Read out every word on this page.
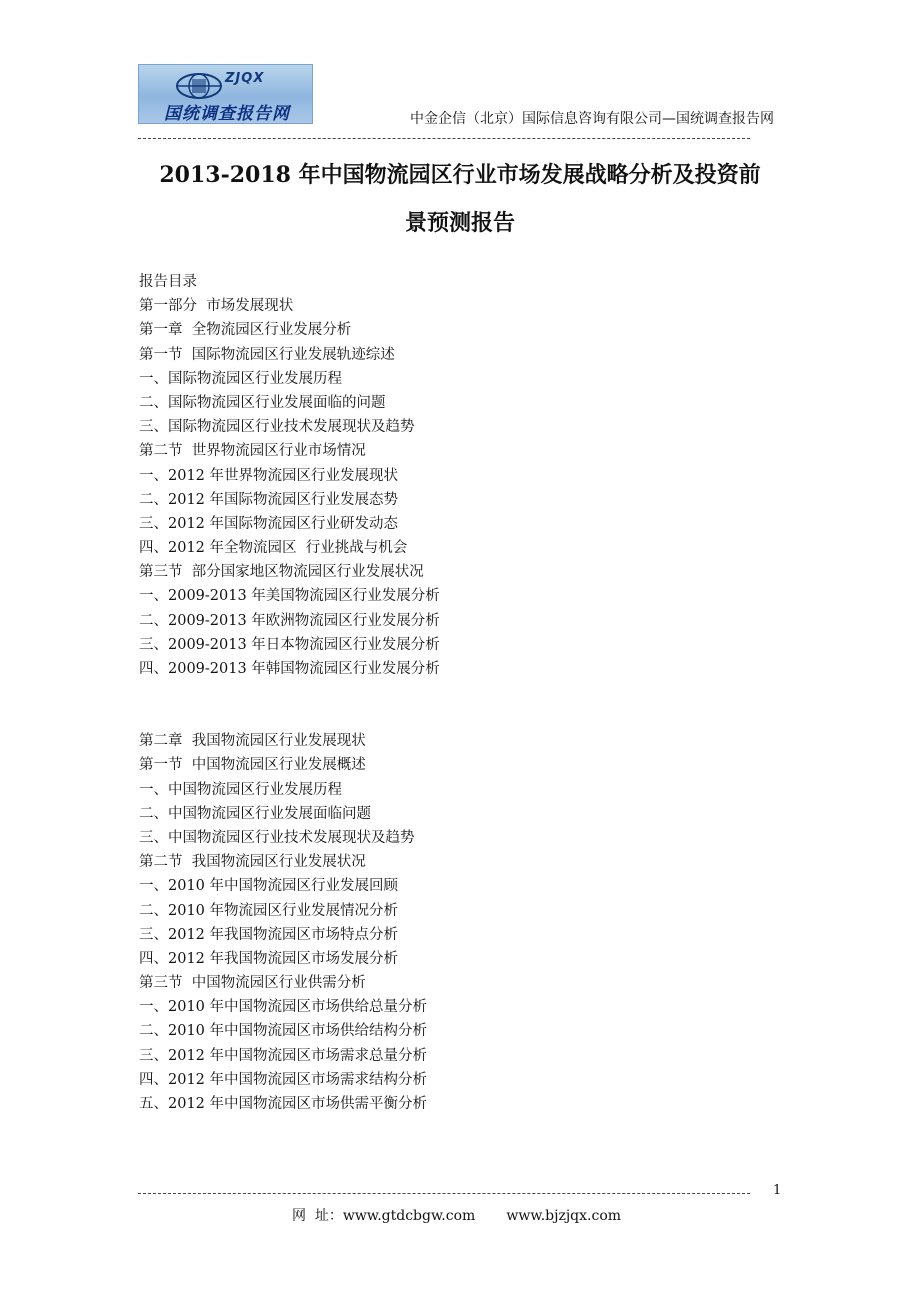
ZJQX
国统调查报告网	中金企信（北京）国际信息咨询有限公司—国统调查报告网
2013-2018 年中国物流园区行业市场发展战略分析及投资前
景预测报告
报告目录
第一部分  市场发展现状
第一章  全物流园区行业发展分析
第一节  国际物流园区行业发展轨迹综述
一、国际物流园区行业发展历程
二、国际物流园区行业发展面临的问题
三、国际物流园区行业技术发展现状及趋势
第二节  世界物流园区行业市场情况
一、2012 年世界物流园区行业发展现状
二、2012 年国际物流园区行业发展态势
三、2012 年国际物流园区行业研发动态
四、2012 年全物流园区  行业挑战与机会
第三节  部分国家地区物流园区行业发展状况
一、2009-2013 年美国物流园区行业发展分析
二、2009-2013 年欧洲物流园区行业发展分析
三、2009-2013 年日本物流园区行业发展分析
四、2009-2013 年韩国物流园区行业发展分析
第二章  我国物流园区行业发展现状
第一节  中国物流园区行业发展概述
一、中国物流园区行业发展历程
二、中国物流园区行业发展面临问题
三、中国物流园区行业技术发展现状及趋势
第二节  我国物流园区行业发展状况
一、2010 年中国物流园区行业发展回顾
二、2010 年物流园区行业发展情况分析
三、2012 年我国物流园区市场特点分析
四、2012 年我国物流园区市场发展分析
第三节  中国物流园区行业供需分析
一、2010 年中国物流园区市场供给总量分析
二、2010 年中国物流园区市场供给结构分析
三、2012 年中国物流园区市场需求总量分析
四、2012 年中国物流园区市场需求结构分析
五、2012 年中国物流园区市场供需平衡分析
1
网  址：www.gtdcbgw.com       www.bjzjqx.com
